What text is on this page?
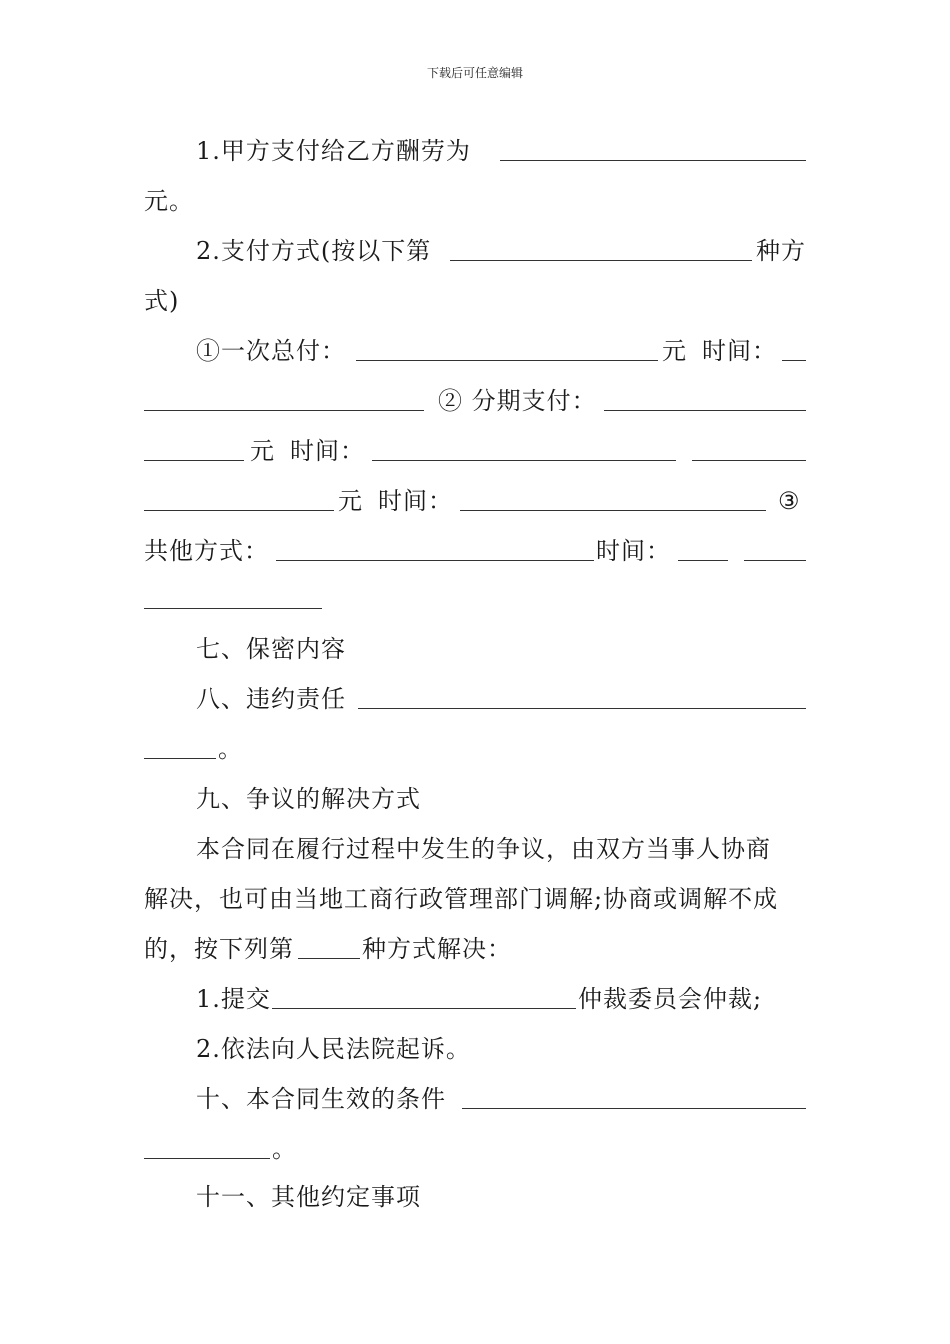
下载后可任意编辑
1.甲方支付给乙方酬劳为
元。
2.支付方式(按以下第	种方
式)
①一次总付：	元 时间：
② 分期支付：
元 时间：
元 时间：	③
共他方式：	时间：
七、保密内容
八、违约责任
。
九、争议的解决方式
本合同在履行过程中发生的争议，由双方当事人协商
解决，也可由当地工商行政管理部门调解;协商或调解不成
的，按下列第	种方式解决：
1.提交	仲裁委员会仲裁;
2.依法向人民法院起诉。
十、本合同生效的条件
。
十一、其他约定事项
